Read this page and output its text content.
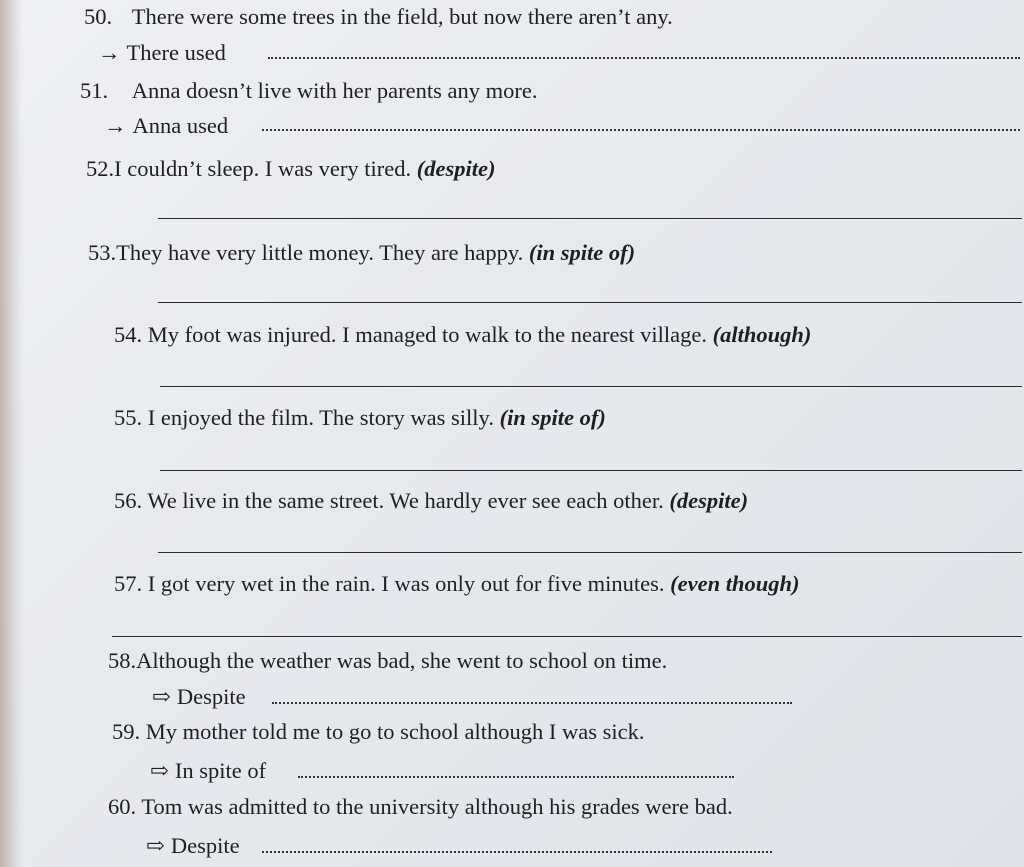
50. There were some trees in the field, but now there aren’t any.
→ There used
51. Anna doesn’t live with her parents any more.
→ Anna used
52.I couldn’t sleep. I was very tired. (despite)
53.They have very little money. They are happy. (in spite of)
54. My foot was injured. I managed to walk to the nearest village. (although)
55. I enjoyed the film. The story was silly. (in spite of)
56. We live in the same street. We hardly ever see each other. (despite)
57. I got very wet in the rain. I was only out for five minutes. (even though)
58.Although the weather was bad, she went to school on time.
⇨ Despite
59. My mother told me to go to school although I was sick.
⇨ In spite of
60. Tom was admitted to the university although his grades were bad.
⇨ Despite
